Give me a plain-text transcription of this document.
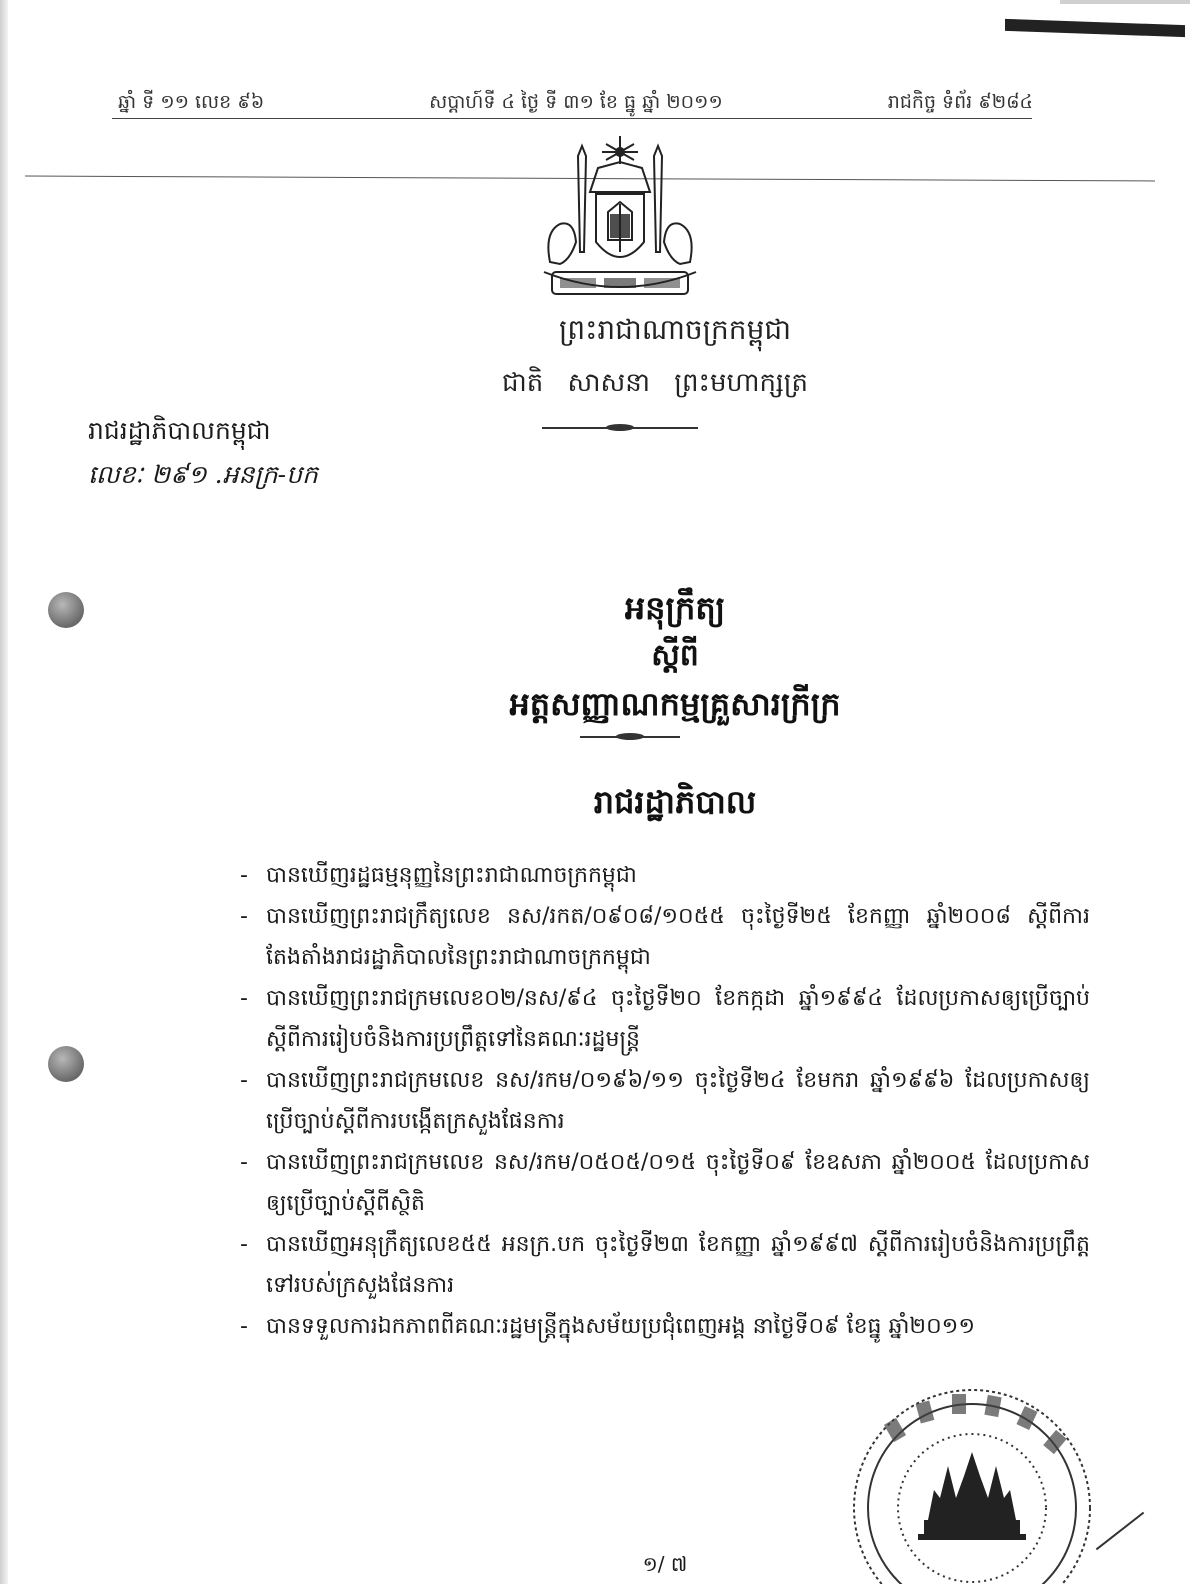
ឆ្នាំ ទី ១១ លេខ ៩៦	សប្តាហ៍ទី ៤ ថ្ងៃ ទី ៣១ ខែ ធ្នូ ឆ្នាំ ២០១១	រាជកិច្ច ទំព័រ ៩២៨៤
ព្រះរាជាណាចក្រកម្ពុជា
ជាតិ សាសនា ព្រះមហាក្សត្រ
រាជរដ្ឋាភិបាលកម្ពុជា
លេខៈ ២៩១ .អនក្រ-បក
អនុក្រឹត្យ
ស្តីពី
អត្តសញ្ញាណកម្មគ្រួសារក្រីក្រ
រាជរដ្ឋាភិបាល
- បានឃើញរដ្ឋធម្មនុញ្ញនៃព្រះរាជាណាចក្រកម្ពុជា
- បានឃើញព្រះរាជក្រឹត្យលេខ នស/រកត/០៩០៨/១០៥៥ ចុះថ្ងៃទី២៥ ខែកញ្ញា ឆ្នាំ២០០៨ ស្តីពីការតែងតាំងរាជរដ្ឋាភិបាលនៃព្រះរាជាណាចក្រកម្ពុជា
- បានឃើញព្រះរាជក្រមលេខ០២/នស/៩៤ ចុះថ្ងៃទី២០ ខែកក្កដា ឆ្នាំ១៩៩៤ ដែលប្រកាសឲ្យប្រើច្បាប់ស្តីពីការរៀបចំនិងការប្រព្រឹត្តទៅនៃគណៈរដ្ឋមន្ត្រី
- បានឃើញព្រះរាជក្រមលេខ នស/រកម/០១៩៦/១១ ចុះថ្ងៃទី២៤ ខែមករា ឆ្នាំ១៩៩៦ ដែលប្រកាសឲ្យប្រើច្បាប់ស្តីពីការបង្កើតក្រសួងផែនការ
- បានឃើញព្រះរាជក្រមលេខ នស/រកម/០៥០៥/០១៥ ចុះថ្ងៃទី០៩ ខែឧសភា ឆ្នាំ២០០៥ ដែលប្រកាសឲ្យប្រើច្បាប់ស្តីពីស្ថិតិ
- បានឃើញអនុក្រឹត្យលេខ៥៥ អនក្រ.បក ចុះថ្ងៃទី២៣ ខែកញ្ញា ឆ្នាំ១៩៩៧ ស្តីពីការរៀបចំនិងការប្រព្រឹត្តទៅរបស់ក្រសួងផែនការ
- បានទទួលការឯកភាពពីគណៈរដ្ឋមន្ត្រីក្នុងសម័យប្រជុំពេញអង្គ នាថ្ងៃទី០៩ ខែធ្នូ ឆ្នាំ២០១១
១/ ៧
